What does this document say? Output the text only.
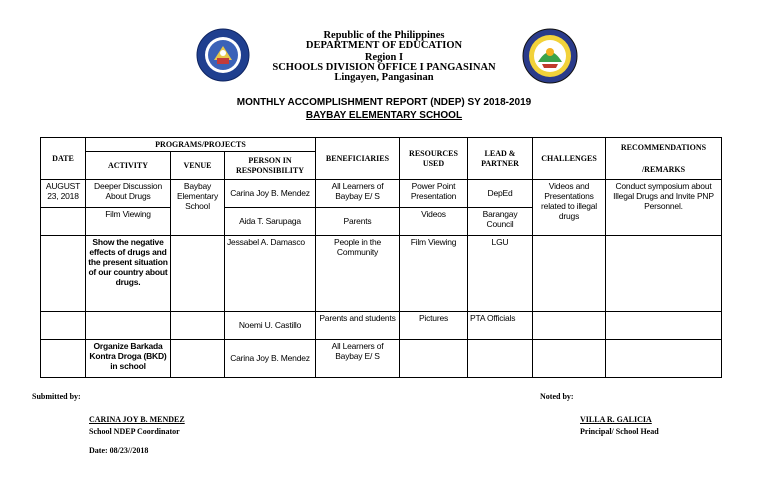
Republic of the Philippines
DEPARTMENT OF EDUCATION
Region I
SCHOOLS DIVISION OFFICE I PANGASINAN
Lingayen, Pangasinan
MONTHLY ACCOMPLISHMENT REPORT (NDEP) SY 2018-2019
BAYBAY ELEMENTARY SCHOOL
DATE	PROGRAMS/PROJECTS			BENEFICIARIES	RESOURCES USED	LEAD & PARTNER	CHALLENGES	RECOMMENDATIONS
/REMARKS

	ACTIVITY	VENUE	PERSON IN RESPONSIBILITY					
AUGUST 23, 2018	Deeper Discussion About Drugs	Baybay Elementary School	Carina Joy B. Mendez	All Learners of Baybay E/ S	Power Point Presentation	DepEd	Videos and Presentations related to illegal drugs	Conduct symposium about Illegal Drugs and Invite PNP Personnel.
	Film Viewing		Aida T. Sarupaga	Parents	Videos	Barangay Council		
	Show the negative effects of drugs and the present situation of our country about drugs.		Jessabel A. Damasco	People in the Community	Film Viewing	LGU		
			Noemi U. Castillo	Parents and students	Pictures	PTA Officials		
	Organize Barkada Kontra Droga (BKD) in school		Carina Joy B. Mendez	All Learners of Baybay E/ S				
Submitted by:	Noted by:
CARINA JOY B. MENDEZ
School NDEP Coordinator
Date: 08/23//2018
VILLA R. GALICIA
Principal/ School Head
